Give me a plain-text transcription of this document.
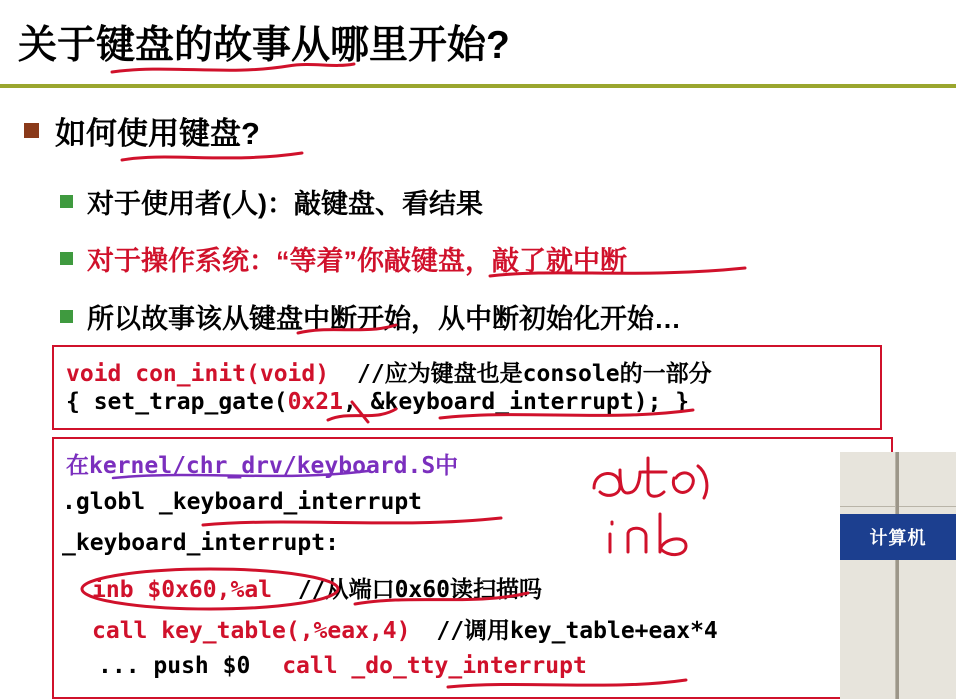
关于键盘的故事从哪里开始?
如何使用键盘?
对于使用者(人)：敲键盘、看结果
对于操作系统：“等着”你敲键盘，敲了就中断
所以故事该从键盘中断开始，从中断初始化开始…
void con_init(void) //应为键盘也是console的一部分
{ set_trap_gate(0x21, &keyboard_interrupt); }
在kernel/chr_drv/keyboard.S中
.globl _keyboard_interrupt
_keyboard_interrupt:
inb $0x60,%al //从端口0x60读扫描吗
call key_table(,%eax,4) //调用key_table+eax*4
... push $0 call _do_tty_interrupt
计算机
